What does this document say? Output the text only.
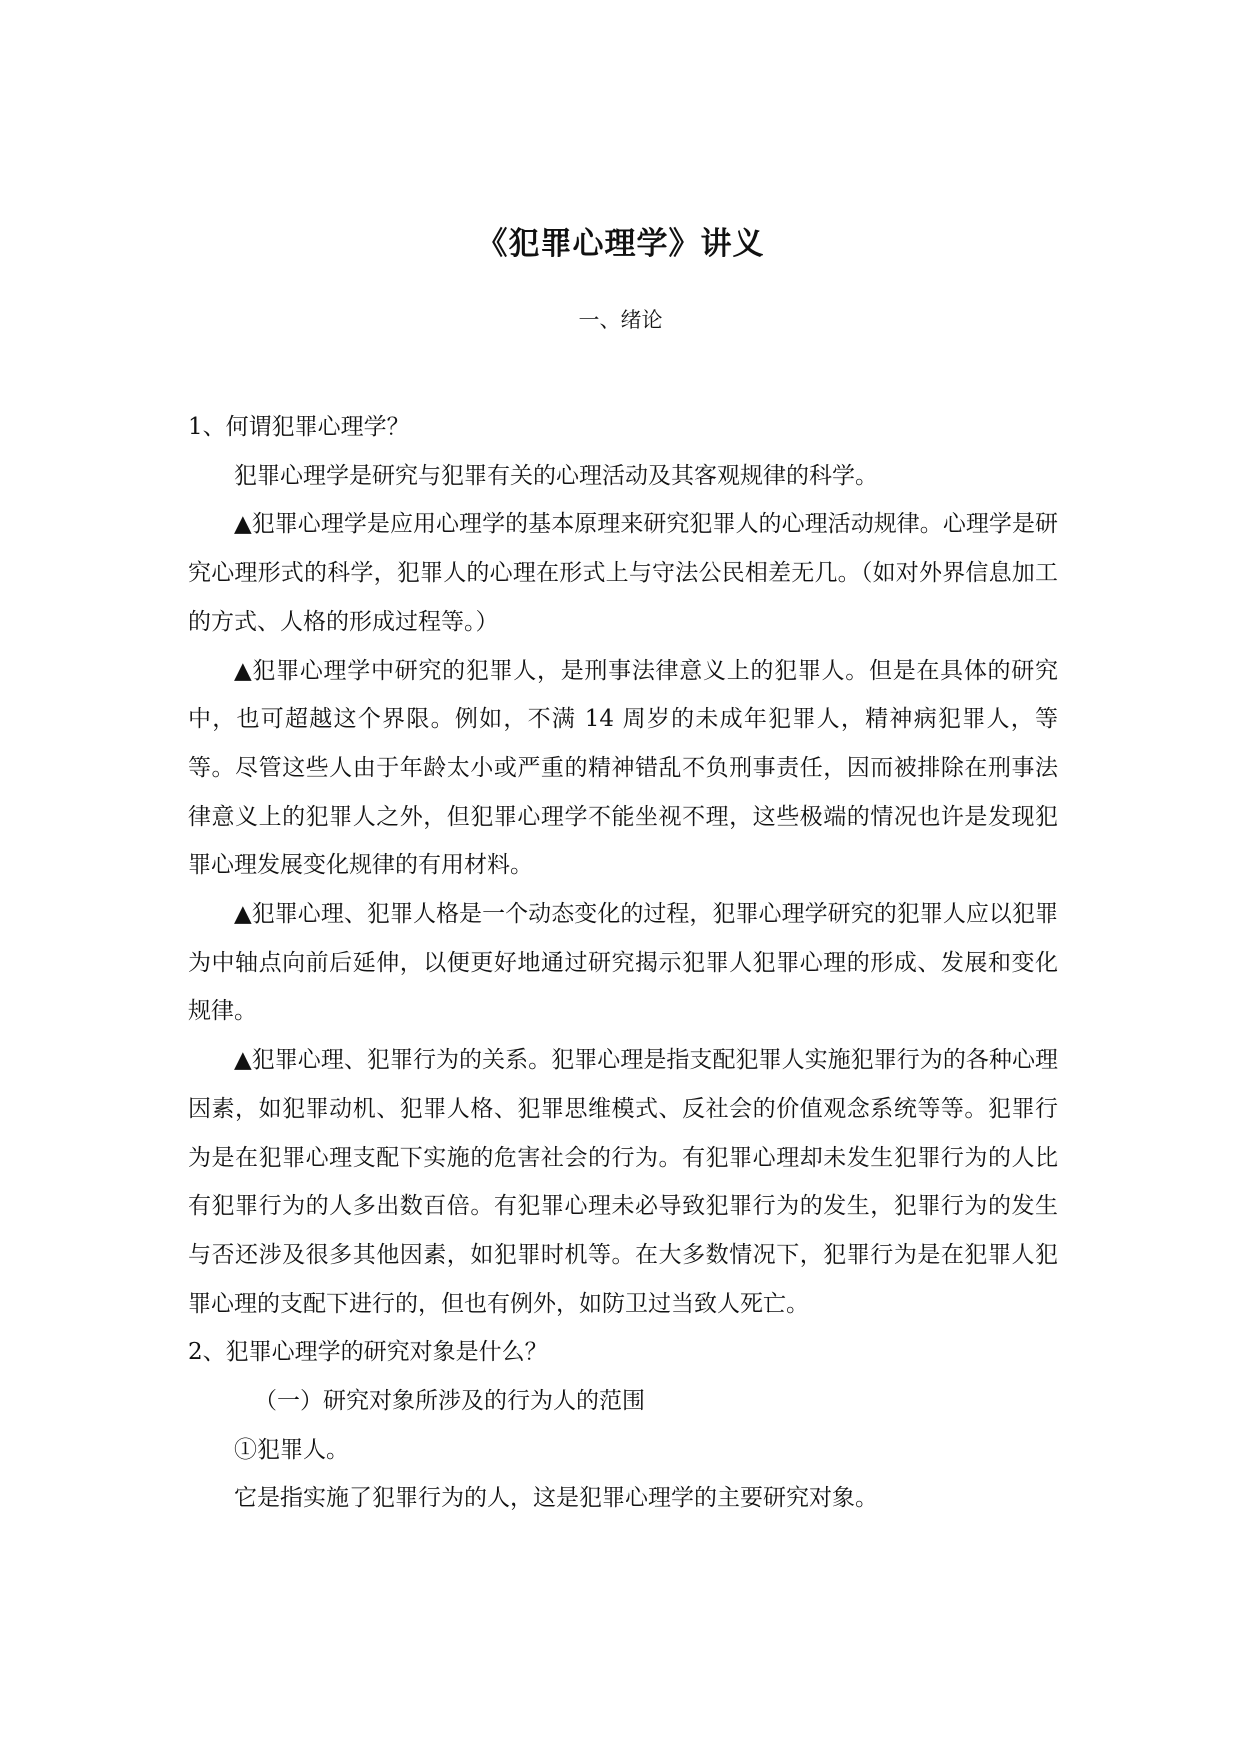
《犯罪心理学》讲义
一、绪论

1、何谓犯罪心理学？

犯罪心理学是研究与犯罪有关的心理活动及其客观规律的科学。

▲犯罪心理学是应用心理学的基本原理来研究犯罪人的心理活动规律。心理学是研究心理形式的科学，犯罪人的心理在形式上与守法公民相差无几。（如对外界信息加工的方式、人格的形成过程等。）

▲犯罪心理学中研究的犯罪人，是刑事法律意义上的犯罪人。但是在具体的研究中，也可超越这个界限。例如，不满 14 周岁的未成年犯罪人，精神病犯罪人，等等。尽管这些人由于年龄太小或严重的精神错乱不负刑事责任，因而被排除在刑事法律意义上的犯罪人之外，但犯罪心理学不能坐视不理，这些极端的情况也许是发现犯罪心理发展变化规律的有用材料。

▲犯罪心理、犯罪人格是一个动态变化的过程，犯罪心理学研究的犯罪人应以犯罪为中轴点向前后延伸，以便更好地通过研究揭示犯罪人犯罪心理的形成、发展和变化规律。

▲犯罪心理、犯罪行为的关系。犯罪心理是指支配犯罪人实施犯罪行为的各种心理因素，如犯罪动机、犯罪人格、犯罪思维模式、反社会的价值观念系统等等。犯罪行为是在犯罪心理支配下实施的危害社会的行为。有犯罪心理却未发生犯罪行为的人比有犯罪行为的人多出数百倍。有犯罪心理未必导致犯罪行为的发生，犯罪行为的发生与否还涉及很多其他因素，如犯罪时机等。在大多数情况下，犯罪行为是在犯罪人犯罪心理的支配下进行的，但也有例外，如防卫过当致人死亡。

2、犯罪心理学的研究对象是什么？

（一）研究对象所涉及的行为人的范围

①犯罪人。

它是指实施了犯罪行为的人，这是犯罪心理学的主要研究对象。
